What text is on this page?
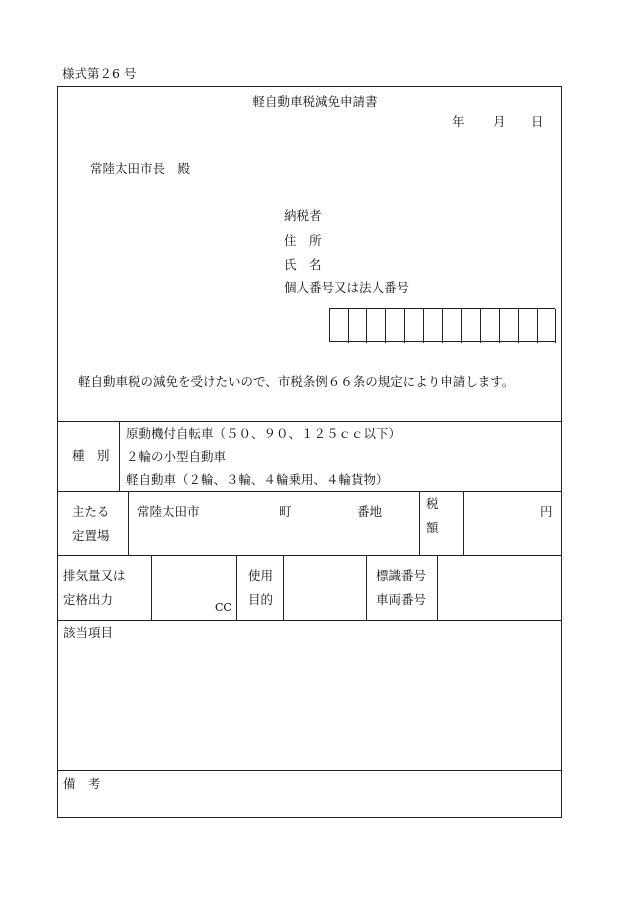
様式第２6 号
軽自動車税減免申請書
年 月 日
常陸太田市長　殿
納税者
住　所
氏　名
個人番号又は法人番号
軽自動車税の減免を受けたいので、市税条例６６条の規定により申請します。
種　別
原動機付自転車（５０、９０、１２５ｃｃ以下）
２輪の小型自動車
軽自動車（２輪、３輪、４輪乗用、４輪貨物）
主たる
定置場
常陸太田市	町	番地
税
額
円
排気量又は
定格出力
CC
使用
目的
標識番号
車両番号
該当項目
備　考
